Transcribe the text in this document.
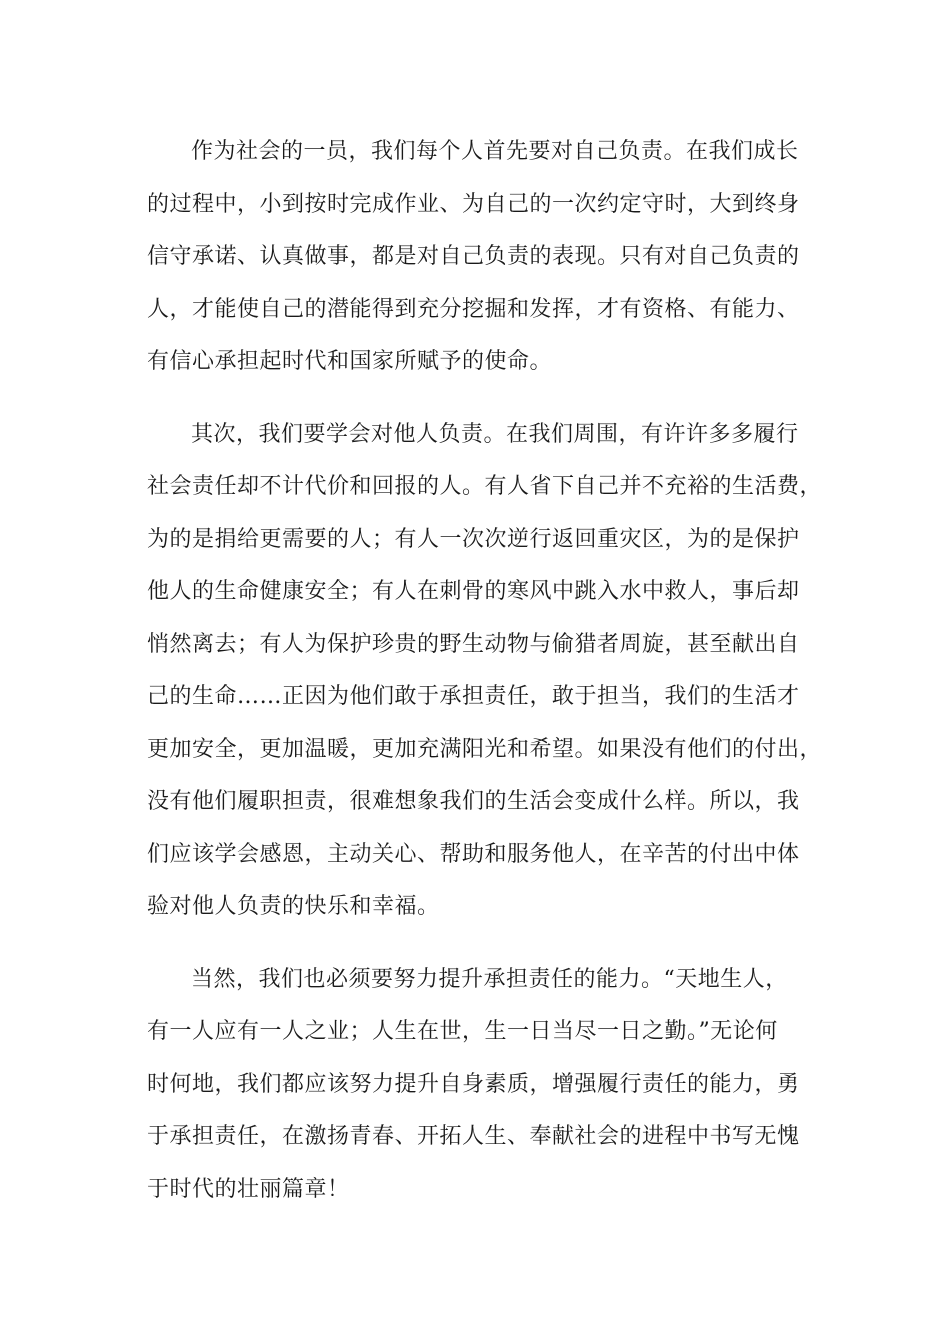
作为社会的一员，我们每个人首先要对自己负责。在我们成长
的过程中，小到按时完成作业、为自己的一次约定守时，大到终身
信守承诺、认真做事，都是对自己负责的表现。只有对自己负责的
人，才能使自己的潜能得到充分挖掘和发挥，才有资格、有能力、
有信心承担起时代和国家所赋予的使命。

其次，我们要学会对他人负责。在我们周围，有许许多多履行
社会责任却不计代价和回报的人。有人省下自己并不充裕的生活费，
为的是捐给更需要的人；有人一次次逆行返回重灾区，为的是保护
他人的生命健康安全；有人在刺骨的寒风中跳入水中救人，事后却
悄然离去；有人为保护珍贵的野生动物与偷猎者周旋，甚至献出自
己的生命……正因为他们敢于承担责任，敢于担当，我们的生活才
更加安全，更加温暖，更加充满阳光和希望。如果没有他们的付出，
没有他们履职担责，很难想象我们的生活会变成什么样。所以，我
们应该学会感恩，主动关心、帮助和服务他人，在辛苦的付出中体
验对他人负责的快乐和幸福。

当然，我们也必须要努力提升承担责任的能力。“天地生人，
有一人应有一人之业；人生在世，生一日当尽一日之勤。”无论何
时何地，我们都应该努力提升自身素质，增强履行责任的能力，勇
于承担责任，在激扬青春、开拓人生、奉献社会的进程中书写无愧
于时代的壮丽篇章！
